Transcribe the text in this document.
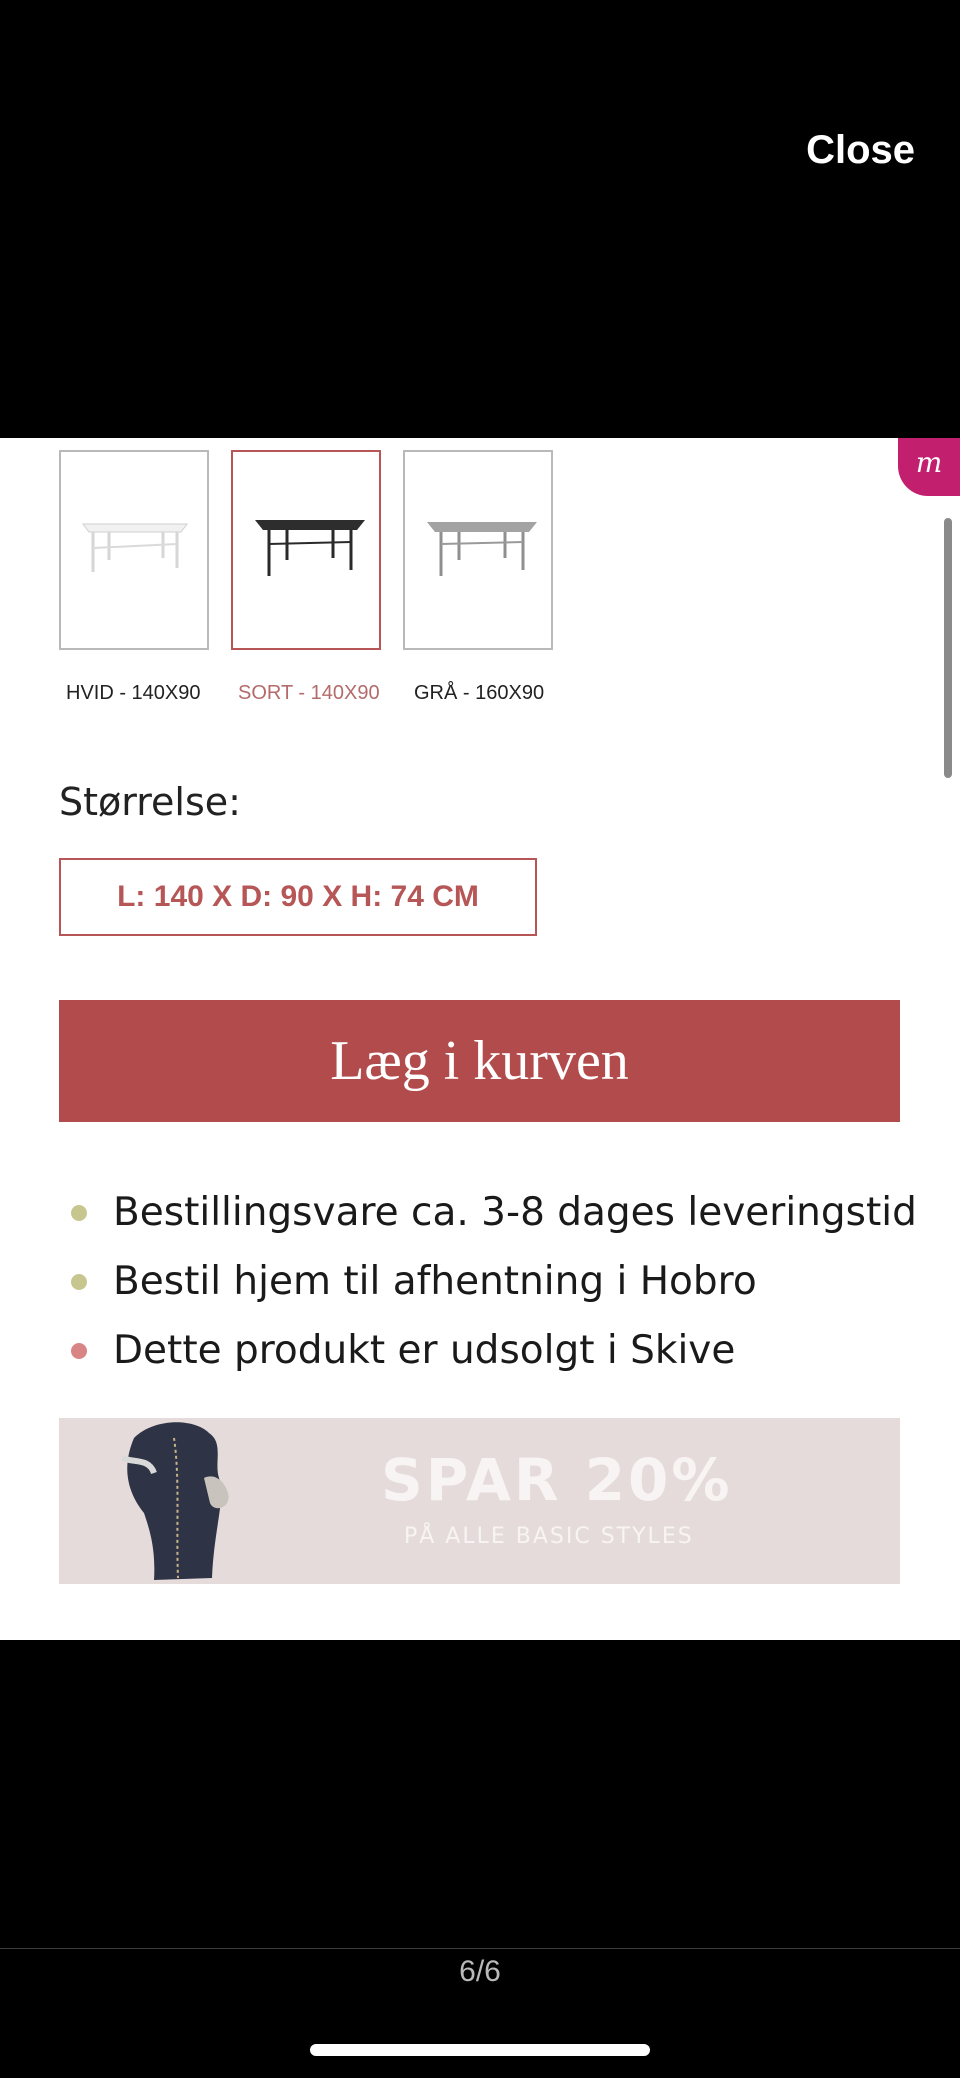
Close
m
HVID - 140X90	SORT - 140X90	GRÅ - 160X90
Størrelse:
L: 140 X D: 90 X H: 74 CM
Læg i kurven
Bestillingsvare ca. 3-8 dages leveringstid
Bestil hjem til afhentning i Hobro
Dette produkt er udsolgt i Skive
SPAR 20%
PÅ ALLE BASIC STYLES
6/6
